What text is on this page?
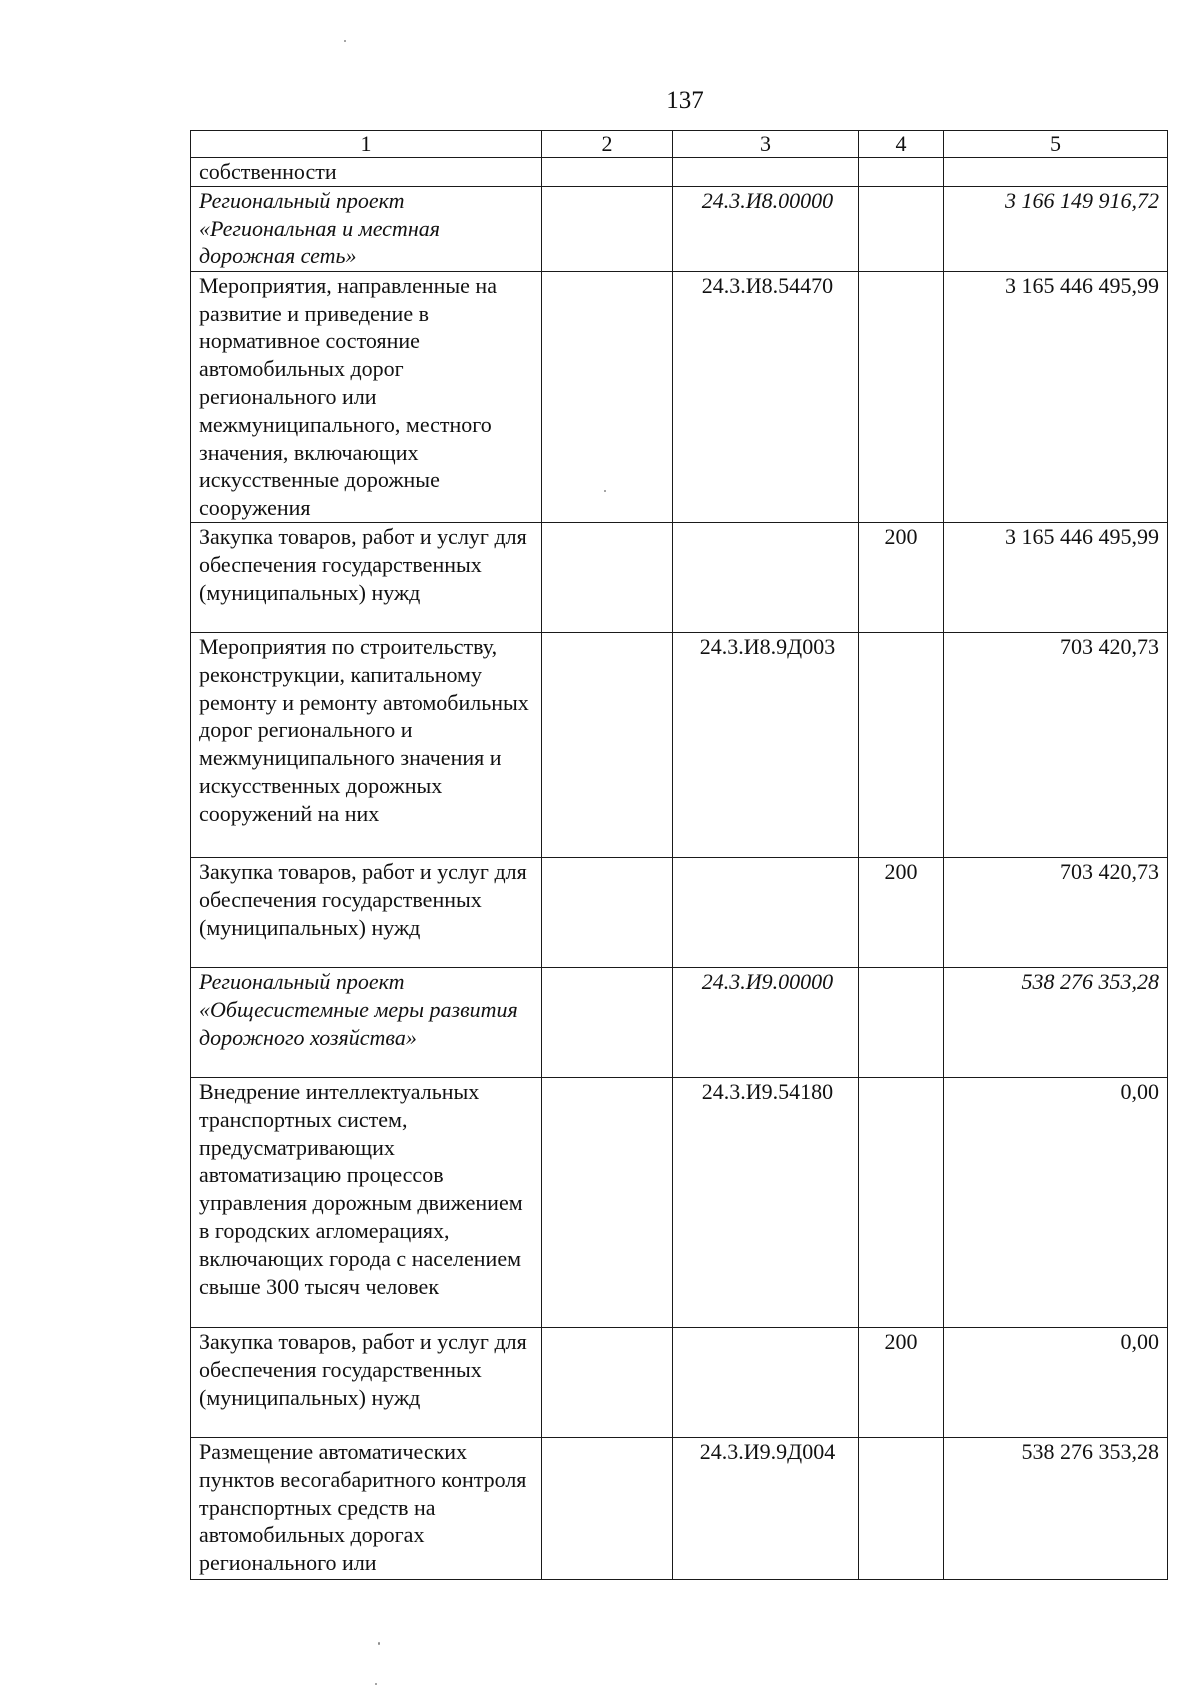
137
1	2	3	4	5
собственности				
Региональный проект «Региональная и местная дорожная сеть»		24.3.И8.00000		3 166 149 916,72
Мероприятия, направленные на развитие и приведение в нормативное состояние автомобильных дорог регионального или межмуниципального, местного значения, включающих искусственные дорожные сооружения		24.3.И8.54470		3 165 446 495,99
Закупка товаров, работ и услуг для обеспечения государственных (муниципальных) нужд			200	3 165 446 495,99
Мероприятия по строительству, реконструкции, капитальному ремонту и ремонту автомобильных дорог регионального и межмуниципального значения и искусственных дорожных сооружений на них		24.3.И8.9Д003		703 420,73
Закупка товаров, работ и услуг для обеспечения государственных (муниципальных) нужд			200	703 420,73
Региональный проект «Общесистемные меры развития дорожного хозяйства»		24.3.И9.00000		538 276 353,28
Внедрение интеллектуальных транспортных систем, предусматривающих автоматизацию процессов управления дорожным движением в городских агломерациях, включающих города с населением свыше 300 тысяч человек		24.3.И9.54180		0,00
Закупка товаров, работ и услуг для обеспечения государственных (муниципальных) нужд			200	0,00
Размещение автоматических пунктов весогабаритного контроля транспортных средств на автомобильных дорогах регионального или		24.3.И9.9Д004		538 276 353,28
